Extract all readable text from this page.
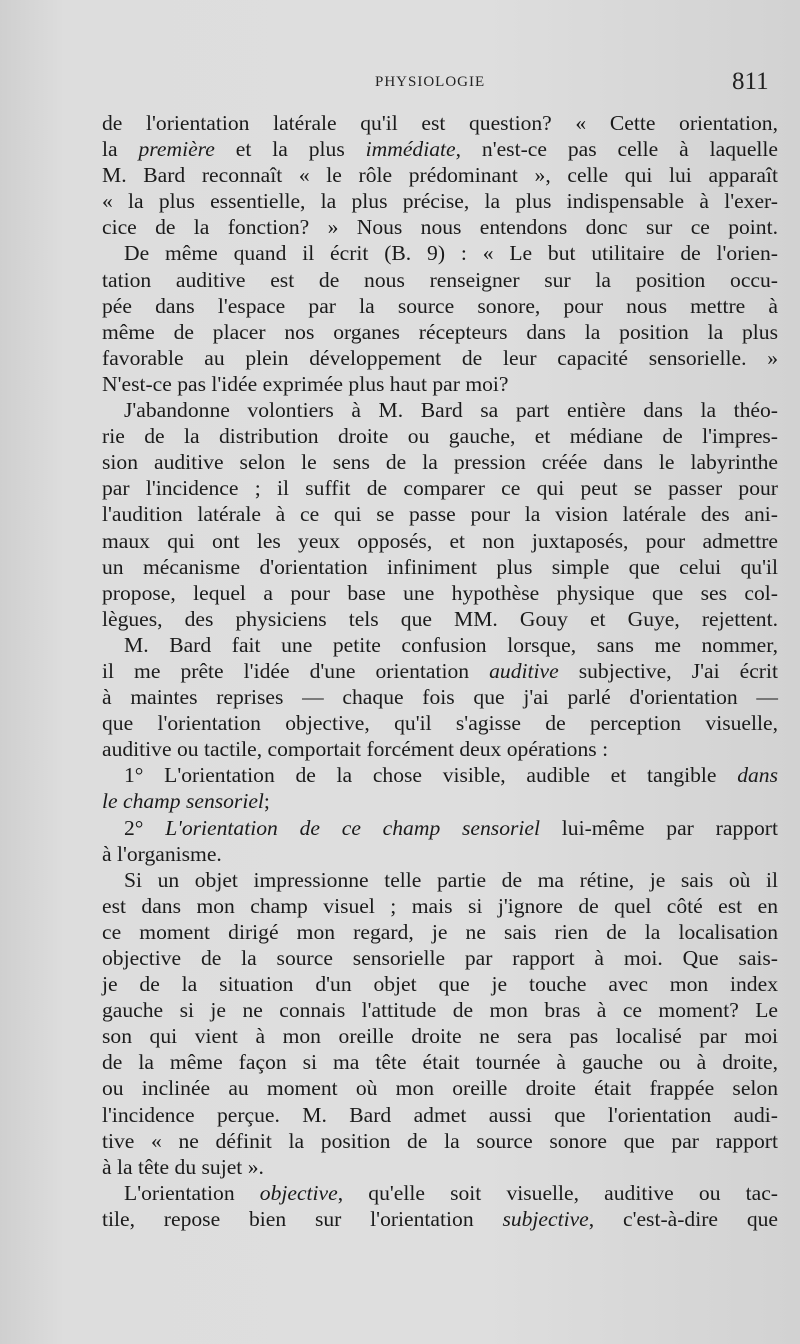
PHYSIOLOGIE	811
de l'orientation latérale qu'il est question? « Cette orientation,
la première et la plus immédiate, n'est-ce pas celle à laquelle
M. Bard reconnaît « le rôle prédominant », celle qui lui apparaît
« la plus essentielle, la plus précise, la plus indispensable à l'exer-
cice de la fonction? » Nous nous entendons donc sur ce point.
De même quand il écrit (B. 9) : « Le but utilitaire de l'orien-
tation auditive est de nous renseigner sur la position occu-
pée dans l'espace par la source sonore, pour nous mettre à
même de placer nos organes récepteurs dans la position la plus
favorable au plein développement de leur capacité sensorielle. »
N'est-ce pas l'idée exprimée plus haut par moi?
J'abandonne volontiers à M. Bard sa part entière dans la théo-
rie de la distribution droite ou gauche, et médiane de l'impres-
sion auditive selon le sens de la pression créée dans le labyrinthe
par l'incidence ; il suffit de comparer ce qui peut se passer pour
l'audition latérale à ce qui se passe pour la vision latérale des ani-
maux qui ont les yeux opposés, et non juxtaposés, pour admettre
un mécanisme d'orientation infiniment plus simple que celui qu'il
propose, lequel a pour base une hypothèse physique que ses col-
lègues, des physiciens tels que MM. Gouy et Guye, rejettent.
M. Bard fait une petite confusion lorsque, sans me nommer,
il me prête l'idée d'une orientation auditive subjective, J'ai écrit
à maintes reprises — chaque fois que j'ai parlé d'orientation —
que l'orientation objective, qu'il s'agisse de perception visuelle,
auditive ou tactile, comportait forcément deux opérations :
1° L'orientation de la chose visible, audible et tangible dans
le champ sensoriel;
2° L'orientation de ce champ sensoriel lui-même par rapport
à l'organisme.
Si un objet impressionne telle partie de ma rétine, je sais où il
est dans mon champ visuel ; mais si j'ignore de quel côté est en
ce moment dirigé mon regard, je ne sais rien de la localisation
objective de la source sensorielle par rapport à moi. Que sais-
je de la situation d'un objet que je touche avec mon index
gauche si je ne connais l'attitude de mon bras à ce moment? Le
son qui vient à mon oreille droite ne sera pas localisé par moi
de la même façon si ma tête était tournée à gauche ou à droite,
ou inclinée au moment où mon oreille droite était frappée selon
l'incidence perçue. M. Bard admet aussi que l'orientation audi-
tive « ne définit la position de la source sonore que par rapport
à la tête du sujet ».
L'orientation objective, qu'elle soit visuelle, auditive ou tac-
tile, repose bien sur l'orientation subjective, c'est-à-dire que
